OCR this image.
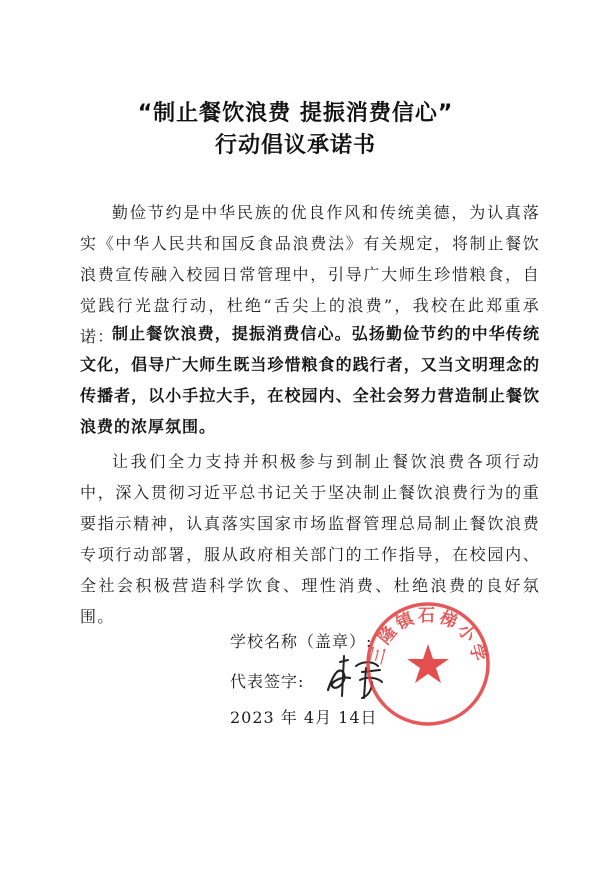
“制止餐饮浪费 提振消费信心”
行动倡议承诺书

勤俭节约是中华民族的优良作风和传统美德，为认真落实《中华人民共和国反食品浪费法》有关规定，将制止餐饮浪费宣传融入校园日常管理中，引导广大师生珍惜粮食，自觉践行光盘行动，杜绝“舌尖上的浪费”，我校在此郑重承诺：

制止餐饮浪费，提振消费信心。弘扬勤俭节约的中华传统文化，倡导广大师生既当珍惜粮食的践行者，又当文明理念的传播者，以小手拉大手，在校园内、全社会努力营造制止餐饮浪费的浓厚氛围。

让我们全力支持并积极参与到制止餐饮浪费各项行动中，深入贯彻习近平总书记关于坚决制止餐饮浪费行为的重要指示精神，认真落实国家市场监督管理总局制止餐饮浪费专项行动部署，服从政府相关部门的工作指导，在校园内、全社会积极营造科学饮食、理性消费、杜绝浪费的良好氛围。

学校名称（盖章）:
代表签字:
2023 年 4月 14日
三隆镇石梯小学
